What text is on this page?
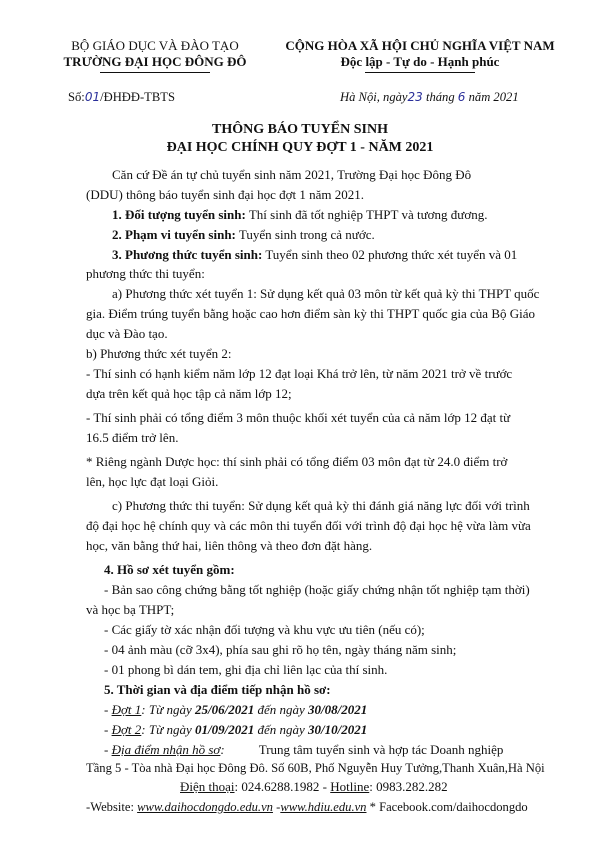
BỘ GIÁO DỤC VÀ ĐÀO TẠO
TRƯỜNG ĐẠI HỌC ĐÔNG ĐÔ
CỘNG HÒA XÃ HỘI CHỦ NGHĨA VIỆT NAM
Độc lập - Tự do - Hạnh phúc
Số:01/ĐHĐĐ-TBTS	Hà Nội, ngày23 tháng 6 năm 2021
THÔNG BÁO TUYỂN SINH
ĐẠI HỌC CHÍNH QUY ĐỢT 1 - NĂM 2021
Căn cứ Đề án tự chủ tuyển sinh năm 2021, Trường Đại học Đông Đô
(DDU) thông báo tuyển sinh đại học đợt 1 năm 2021.
1. Đối tượng tuyển sinh: Thí sinh đã tốt nghiệp THPT và tương đương.
2. Phạm vi tuyển sinh: Tuyển sinh trong cả nước.
3. Phương thức tuyển sinh: Tuyển sinh theo 02 phương thức xét tuyển và 01
phương thức thi tuyển:
a) Phương thức xét tuyển 1: Sử dụng kết quả 03 môn từ kết quả kỳ thi THPT quốc
gia. Điểm trúng tuyển bằng hoặc cao hơn điểm sàn kỳ thi THPT quốc gia của Bộ Giáo
dục và Đào tạo.
b) Phương thức xét tuyển 2:
- Thí sinh có hạnh kiểm năm lớp 12 đạt loại Khá trở lên, từ năm 2021 trở về trước
dựa trên kết quả học tập cả năm lớp 12;
- Thí sinh phải có tổng điểm 3 môn thuộc khối xét tuyển của cả năm lớp 12 đạt từ
16.5 điểm trở lên.
* Riêng ngành Dược học: thí sinh phải có tổng điểm 03 môn đạt từ 24.0 điểm trở
lên, học lực đạt loại Giỏi.
c) Phương thức thi tuyển: Sử dụng kết quả kỳ thi đánh giá năng lực đối với trình
độ đại học hệ chính quy và các môn thi tuyển đối với trình độ đại học hệ vừa làm vừa
học, văn bằng thứ hai, liên thông và theo đơn đặt hàng.
4. Hồ sơ xét tuyển gồm:
- Bản sao công chứng bằng tốt nghiệp (hoặc giấy chứng nhận tốt nghiệp tạm thời)
và học bạ THPT;
- Các giấy tờ xác nhận đối tượng và khu vực ưu tiên (nếu có);
- 04 ảnh màu (cỡ 3x4), phía sau ghi rõ họ tên, ngày tháng năm sinh;
- 01 phong bì dán tem, ghi địa chỉ liên lạc của thí sinh.
5. Thời gian và địa điểm tiếp nhận hồ sơ:
- Đợt 1: Từ ngày 25/06/2021 đến ngày 30/08/2021
- Đợt 2: Từ ngày 01/09/2021 đến ngày 30/10/2021
- Địa điểm nhận hồ sơ:	Trung tâm tuyển sinh và hợp tác Doanh nghiệp
Tầng 5 - Tòa nhà Đại học Đông Đô. Số 60B, Phố Nguyễn Huy Tưởng,Thanh Xuân,Hà Nội
Điện thoại: 024.6288.1982 - Hotline: 0983.282.282
-Website: www.daihocdongdo.edu.vn -www.hdiu.edu.vn * Facebook.com/daihocdongdo
